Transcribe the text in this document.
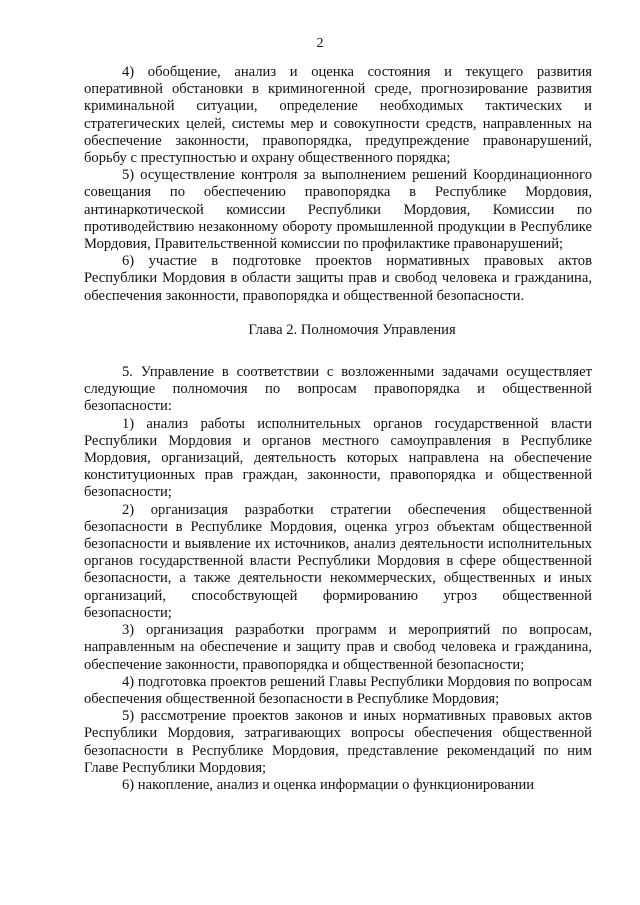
2

4) обобщение, анализ и оценка состояния и текущего развития оперативной обстановки в криминогенной среде, прогнозирование развития криминальной ситуации, определение необходимых тактических и стратегических целей, системы мер и совокупности средств, направленных на обеспечение законности, правопорядка, предупреждение правонарушений, борьбу с преступностью и охрану общественного порядка;

5) осуществление контроля за выполнением решений Координационного совещания по обеспечению правопорядка в Республике Мордовия, антинаркотической комиссии Республики Мордовия, Комиссии по противодействию незаконному обороту промышленной продукции в Республике Мордовия, Правительственной комиссии по профилактике правонарушений;

6) участие в подготовке проектов нормативных правовых актов Республики Мордовия в области защиты прав и свобод человека и гражданина, обеспечения законности, правопорядка и общественной безопасности.

Глава 2. Полномочия Управления

5. Управление в соответствии с возложенными задачами осуществляет следующие полномочия по вопросам правопорядка и общественной безопасности:

1) анализ работы исполнительных органов государственной власти Республики Мордовия и органов местного самоуправления в Республике Мордовия, организаций, деятельность которых направлена на обеспечение конституционных прав граждан, законности, правопорядка и общественной безопасности;

2) организация разработки стратегии обеспечения общественной безопасности в Республике Мордовия, оценка угроз объектам общественной безопасности и выявление их источников, анализ деятельности исполнительных органов государственной власти Республики Мордовия в сфере общественной безопасности, а также деятельности некоммерческих, общественных и иных организаций, способствующей формированию угроз общественной безопасности;

3) организация разработки программ и мероприятий по вопросам, направленным на обеспечение и защиту прав и свобод человека и гражданина, обеспечение законности, правопорядка и общественной безопасности;

4) подготовка проектов решений Главы Республики Мордовия по вопросам обеспечения общественной безопасности в Республике Мордовия;

5) рассмотрение проектов законов и иных нормативных правовых актов Республики Мордовия, затрагивающих вопросы обеспечения общественной безопасности в Республике Мордовия, представление рекомендаций по ним Главе Республики Мордовия;

6) накопление, анализ и оценка информации о функционировании
